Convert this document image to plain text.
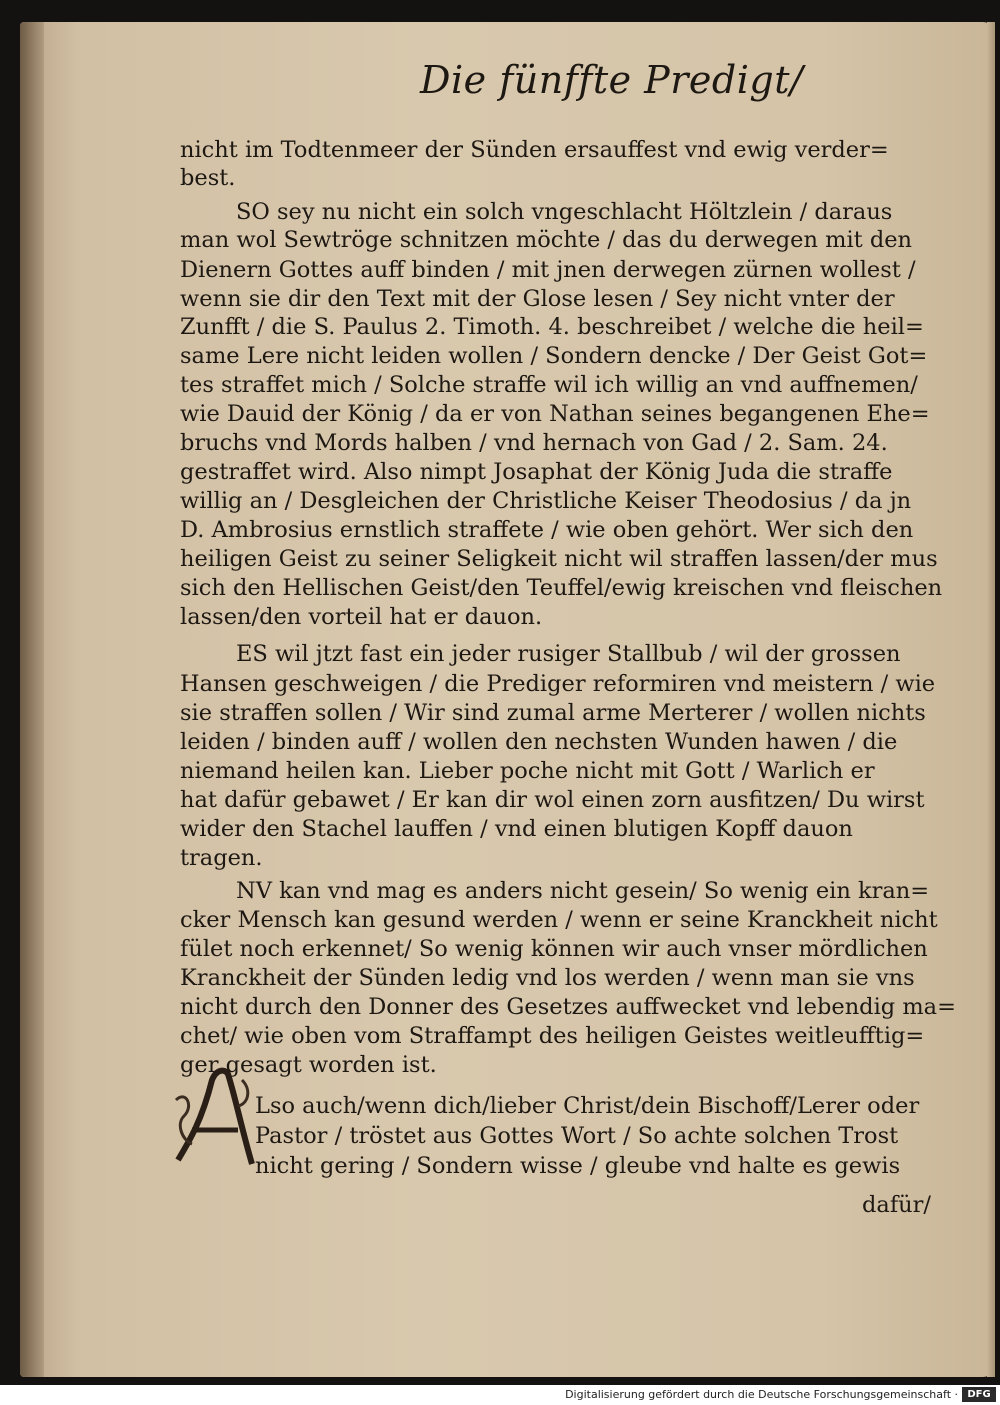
Die fünffte Predigt/
nicht im Todtenmeer der Sünden ersauffest vnd ewig verder=
best.
SO sey nu nicht ein solch vngeschlacht Höltzlein / daraus
man wol Sewtröge schnitzen möchte / das du derwegen mit den
Dienern Gottes auff binden / mit jnen derwegen zürnen wollest /
wenn sie dir den Text mit der Glose lesen / Sey nicht vnter der
Zunfft / die S. Paulus 2. Timoth. 4. beschreibet / welche die heil=
same Lere nicht leiden wollen / Sondern dencke / Der Geist Got=
tes straffet mich / Solche straffe wil ich willig an vnd auffnemen/
wie Dauid der König / da er von Nathan seines begangenen Ehe=
bruchs vnd Mords halben / vnd hernach von Gad / 2. Sam. 24.
gestraffet wird. Also nimpt Josaphat der König Juda die straffe
willig an / Desgleichen der Christliche Keiser Theodosius / da jn
D. Ambrosius ernstlich straffete / wie oben gehört. Wer sich den
heiligen Geist zu seiner Seligkeit nicht wil straffen lassen/der mus
sich den Hellischen Geist/den Teuffel/ewig kreischen vnd fleischen
lassen/den vorteil hat er dauon.
ES wil jtzt fast ein jeder rusiger Stallbub / wil der grossen
Hansen geschweigen / die Prediger reformiren vnd meistern / wie
sie straffen sollen / Wir sind zumal arme Merterer / wollen nichts
leiden / binden auff / wollen den nechsten Wunden hawen / die
niemand heilen kan. Lieber poche nicht mit Gott / Warlich er
hat dafür gebawet / Er kan dir wol einen zorn ausfitzen/ Du wirst
wider den Stachel lauffen / vnd einen blutigen Kopff dauon
tragen.
NV kan vnd mag es anders nicht gesein/ So wenig ein kran=
cker Mensch kan gesund werden / wenn er seine Kranckheit nicht
fület noch erkennet/ So wenig können wir auch vnser mördlichen
Kranckheit der Sünden ledig vnd los werden / wenn man sie vns
nicht durch den Donner des Gesetzes auffwecket vnd lebendig ma=
chet/ wie oben vom Straffampt des heiligen Geistes weitleufftig=
ger gesagt worden ist.
Lso auch/wenn dich/lieber Christ/dein Bischoff/Lerer oder
Pastor / tröstet aus Gottes Wort / So achte solchen Trost
nicht gering / Sondern wisse / gleube vnd halte es gewis
dafür/
Digitalisierung gefördert durch die Deutsche Forschungsgemeinschaft · DFG
